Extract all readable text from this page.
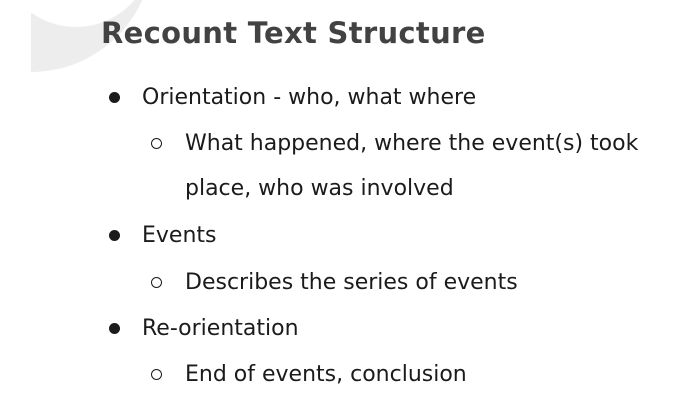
Recount Text Structure
Orientation - who, what where
What happened, where the event(s) took
place, who was involved
Events
Describes the series of events
Re-orientation
End of events, conclusion
